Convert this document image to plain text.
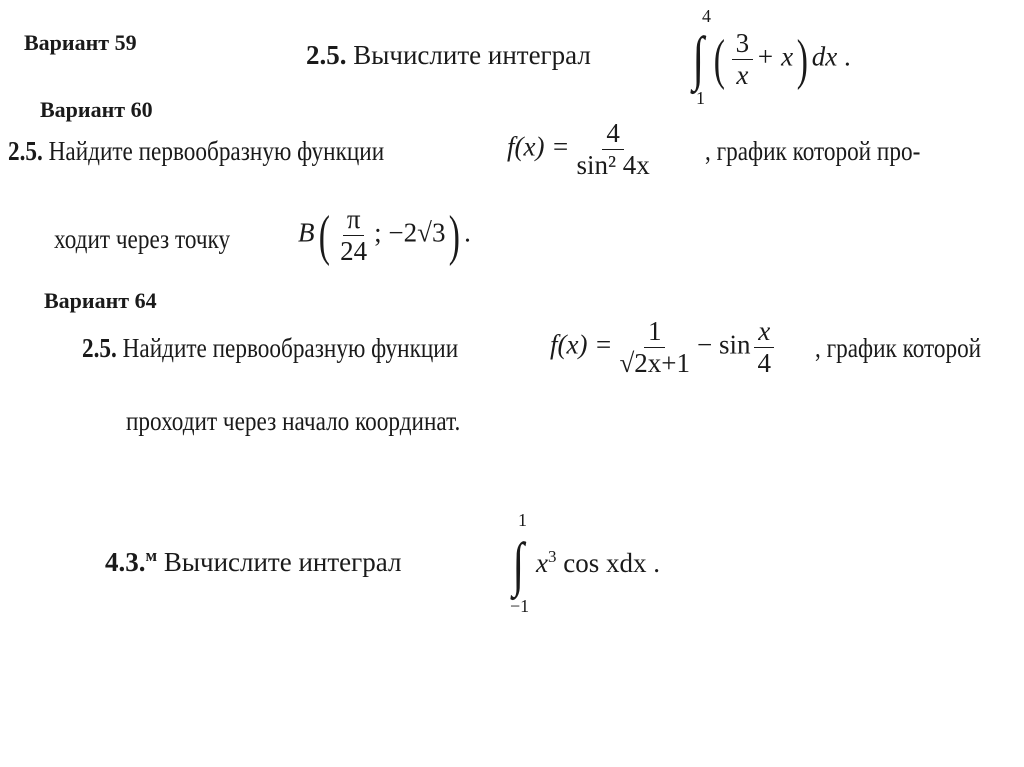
Вариант 59	2.5. Вычислите интеграл
4
∫
1
( $\frac{3}{x} + x$) dx .
Вариант 60
2.5. Найдите первообразную функции	$f(x) = \frac{4}{\text{sin² 4x}}$ , график которой про-
ходит через точку	$B( \frac{\pi}{24}$ ; −2√3) .
Вариант 64
2.5. Найдите первообразную функции	$f(x) = \frac{1}{√2x+1} - \sin \frac{x}{4}$ , график которой
проходит через начало координат.
4.3.$^м$ Вычислите интеграл
1
∫
−1
$x^3$ cos xdx .
